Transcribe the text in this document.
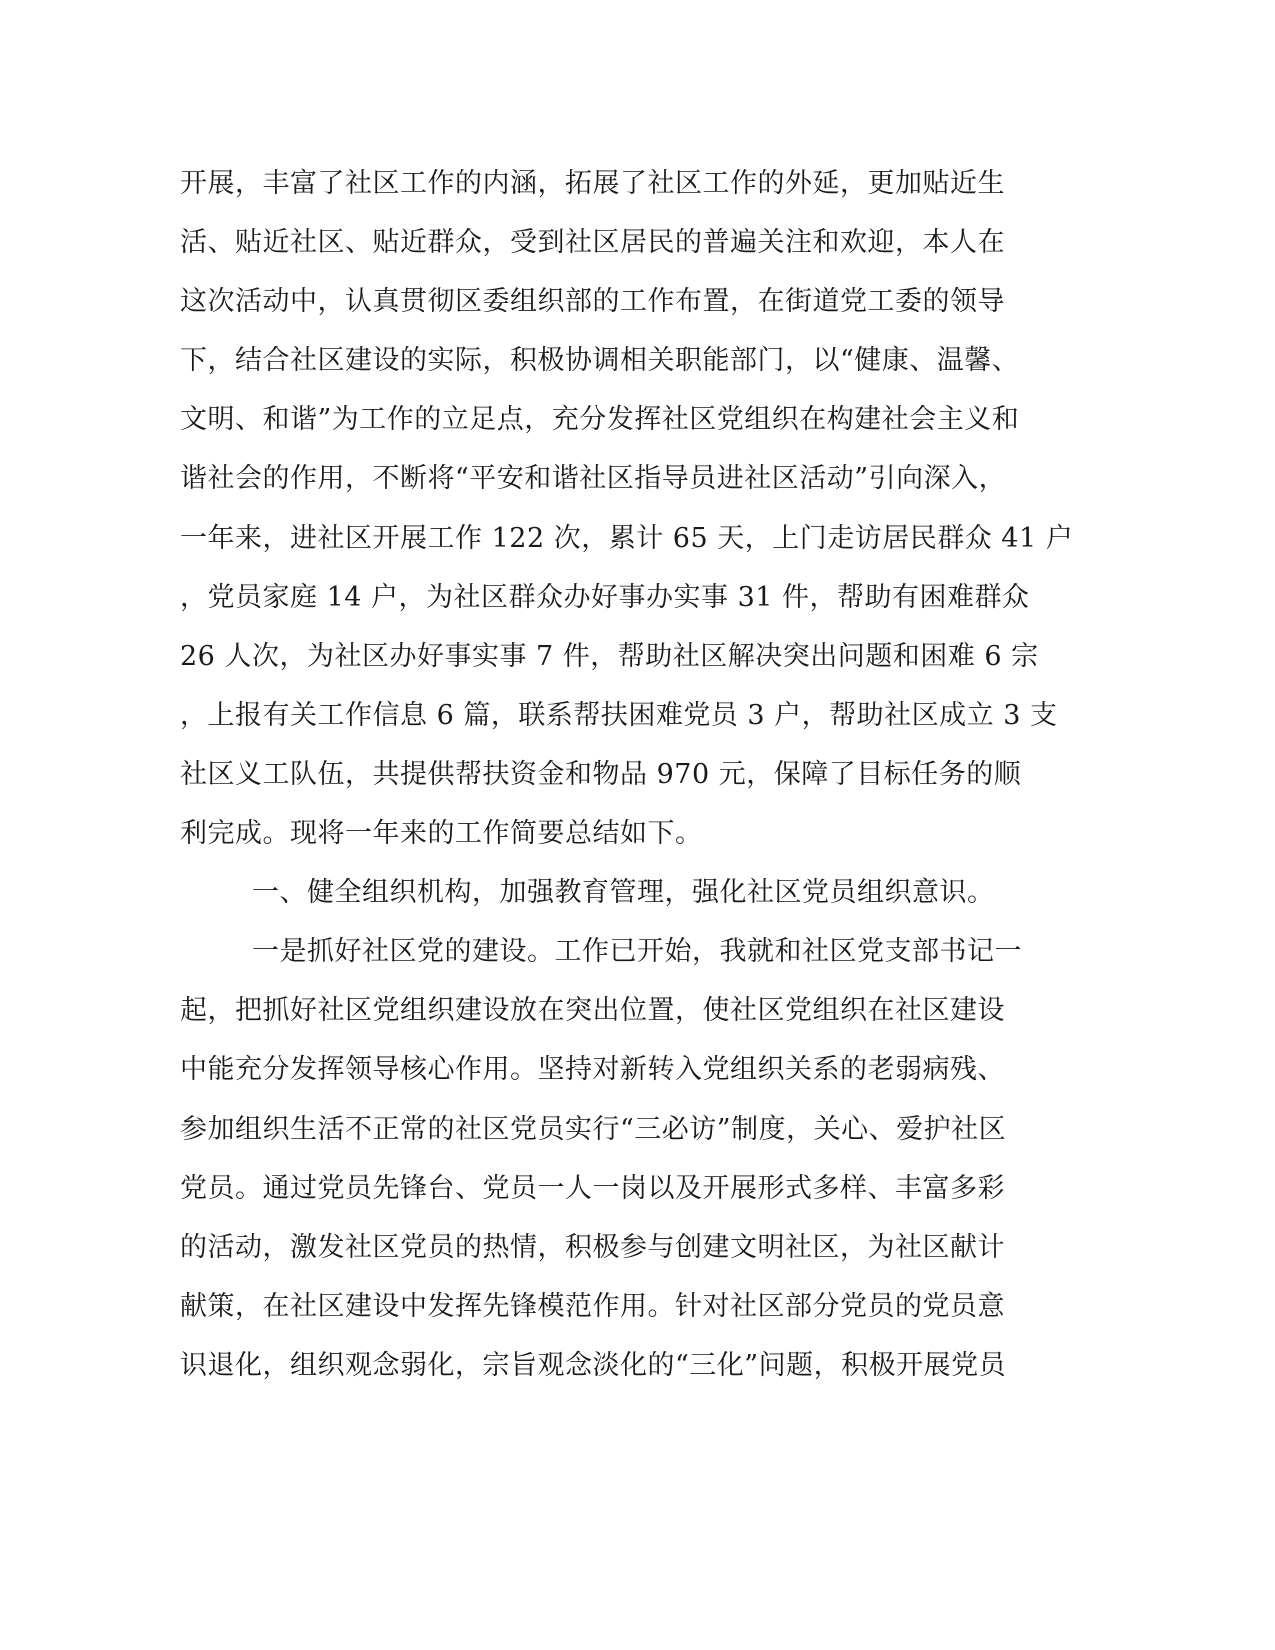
开展，丰富了社区工作的内涵，拓展了社区工作的外延，更加贴近生
活、贴近社区、贴近群众，受到社区居民的普遍关注和欢迎，本人在
这次活动中，认真贯彻区委组织部的工作布置，在街道党工委的领导
下，结合社区建设的实际，积极协调相关职能部门，以“健康、温馨、
文明、和谐”为工作的立足点，充分发挥社区党组织在构建社会主义和
谐社会的作用，不断将“平安和谐社区指导员进社区活动”引向深入，
一年来，进社区开展工作 122 次，累计 65 天，上门走访居民群众 41 户
，党员家庭 14 户，为社区群众办好事办实事 31 件，帮助有困难群众
26 人次，为社区办好事实事 7 件，帮助社区解决突出问题和困难 6 宗
，上报有关工作信息 6 篇，联系帮扶困难党员 3 户，帮助社区成立 3 支
社区义工队伍，共提供帮扶资金和物品 970 元，保障了目标任务的顺
利完成。现将一年来的工作简要总结如下。
一、健全组织机构，加强教育管理，强化社区党员组织意识。
一是抓好社区党的建设。工作已开始，我就和社区党支部书记一
起，把抓好社区党组织建设放在突出位置，使社区党组织在社区建设
中能充分发挥领导核心作用。坚持对新转入党组织关系的老弱病残、
参加组织生活不正常的社区党员实行“三必访”制度，关心、爱护社区
党员。通过党员先锋台、党员一人一岗以及开展形式多样、丰富多彩
的活动，激发社区党员的热情，积极参与创建文明社区，为社区献计
献策，在社区建设中发挥先锋模范作用。针对社区部分党员的党员意
识退化，组织观念弱化，宗旨观念淡化的“三化”问题，积极开展党员
